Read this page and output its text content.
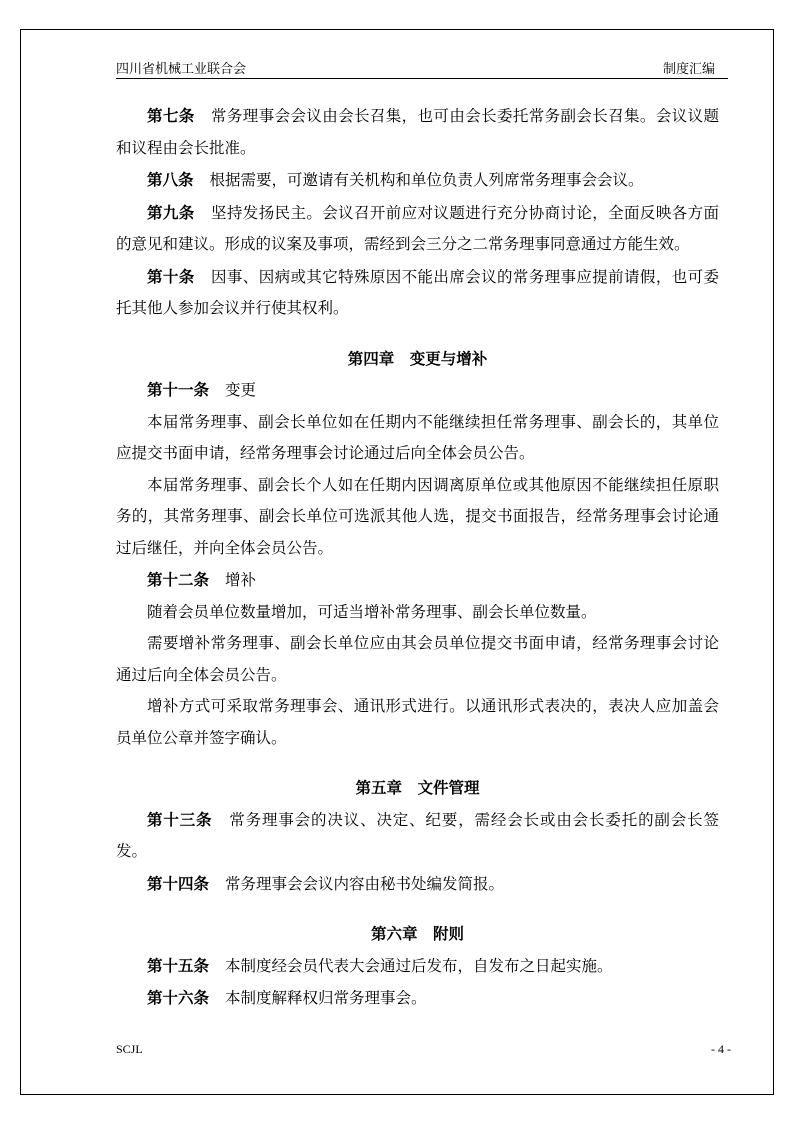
四川省机械工业联合会	制度汇编

第七条 常务理事会会议由会长召集，也可由会长委托常务副会长召集。会议议题和议程由会长批准。

第八条 根据需要，可邀请有关机构和单位负责人列席常务理事会会议。

第九条 坚持发扬民主。会议召开前应对议题进行充分协商讨论，全面反映各方面的意见和建议。形成的议案及事项，需经到会三分之二常务理事同意通过方能生效。

第十条 因事、因病或其它特殊原因不能出席会议的常务理事应提前请假，也可委托其他人参加会议并行使其权利。

第四章　变更与增补

第十一条 变更

本届常务理事、副会长单位如在任期内不能继续担任常务理事、副会长的，其单位应提交书面申请，经常务理事会讨论通过后向全体会员公告。

本届常务理事、副会长个人如在任期内因调离原单位或其他原因不能继续担任原职务的，其常务理事、副会长单位可选派其他人选，提交书面报告，经常务理事会讨论通过后继任，并向全体会员公告。

第十二条 增补

随着会员单位数量增加，可适当增补常务理事、副会长单位数量。

需要增补常务理事、副会长单位应由其会员单位提交书面申请，经常务理事会讨论通过后向全体会员公告。

增补方式可采取常务理事会、通讯形式进行。以通讯形式表决的，表决人应加盖会员单位公章并签字确认。

第五章　文件管理

第十三条 常务理事会的决议、决定、纪要，需经会长或由会长委托的副会长签发。

第十四条 常务理事会会议内容由秘书处编发简报。

第六章　附则

第十五条 本制度经会员代表大会通过后发布，自发布之日起实施。

第十六条 本制度解释权归常务理事会。

SCJL	- 4 -
